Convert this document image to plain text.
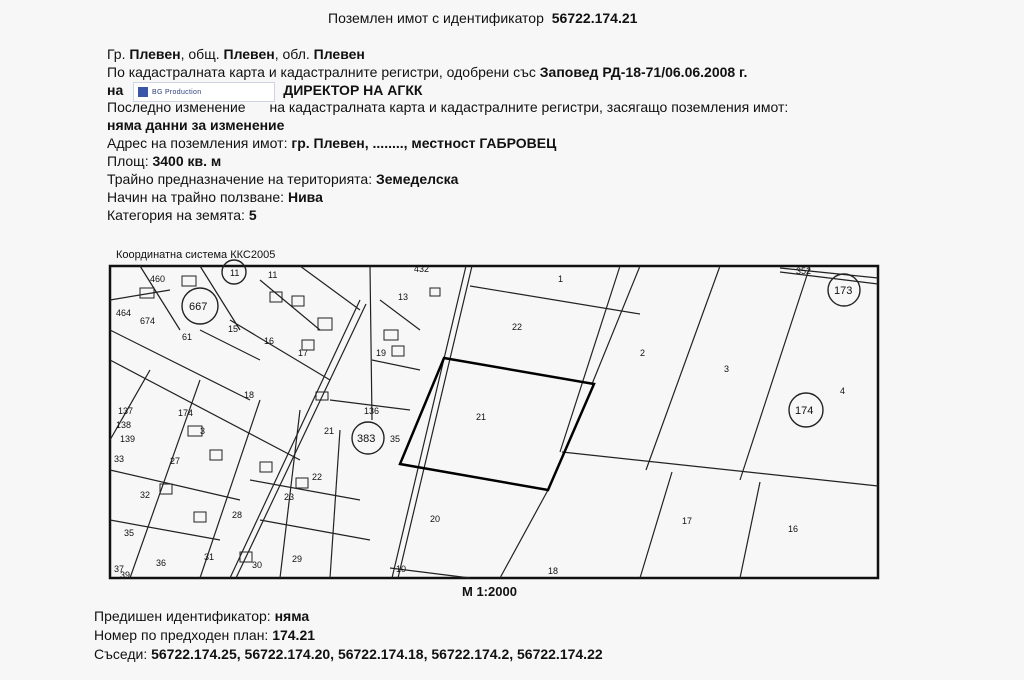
Поземлен имот с идентификатор 56722.174.21
Гр. Плевен, общ. Плевен, обл. Плевен
По кадастралната карта и кадастралните регистри, одобрени със Заповед РД-18-71/06.06.2008 г.
на	ДИРЕКТОР НА АГКК
BG Production
Последно изменение на кадастралната карта и кадастралните регистри, засягащо поземления имот:
няма данни за изменение
Адрес на поземления имот: гр. Плевен, ........, местност ГАБРОВЕЦ
Площ: 3400 кв. м
Трайно предназначение на територията: Земеделска
Начин на трайно ползване: Нива
Категория на земята: 5
Координатна система ККС2005
1
2
3
4
16
17
18
20
21
22
173
174
383
667
11
13
19
15
16
17
18
174
3	21
22
23
27
28
29
31
32
35
36	30
136
137
138
139
33
37
39
464
674
460
61
11
10
432	352
35
М 1:2000
Предишен идентификатор: няма
Номер по предходен план: 174.21
Съседи: 56722.174.25, 56722.174.20, 56722.174.18, 56722.174.2, 56722.174.22
